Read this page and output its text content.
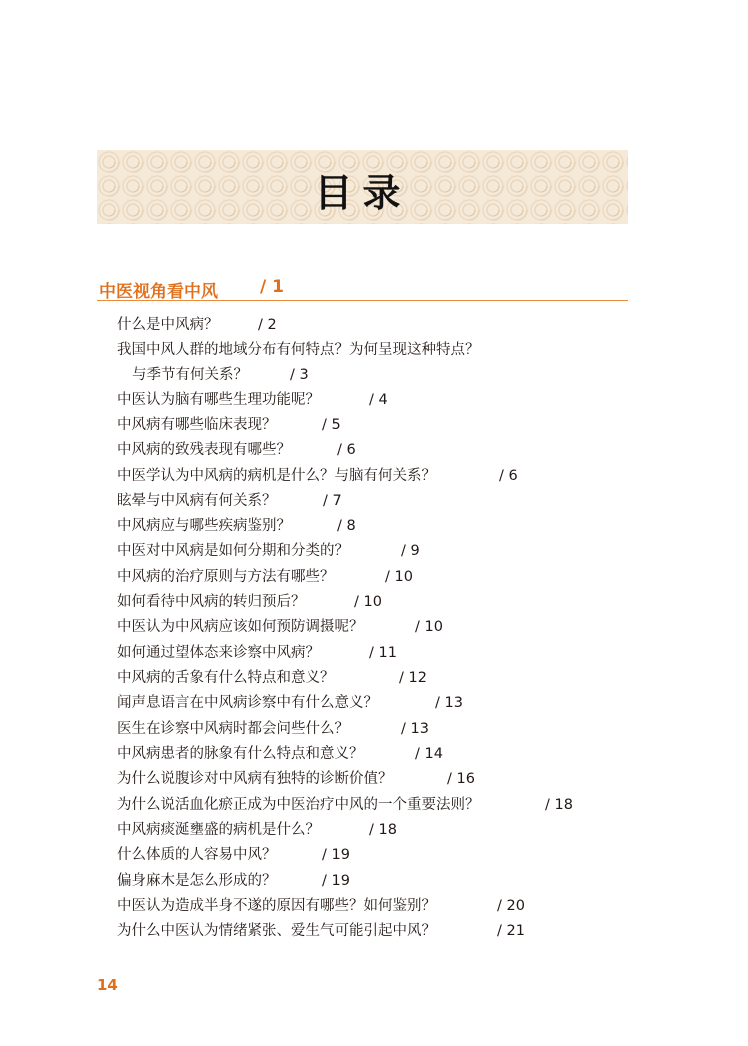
目录
中医视角看中风 / 1
什么是中风病？	/ 2
我国中风人群的地域分布有何特点？为何呈现这种特点？
与季节有何关系？	/ 3
中医认为脑有哪些生理功能呢？	/ 4
中风病有哪些临床表现？	/ 5
中风病的致残表现有哪些？	/ 6
中医学认为中风病的病机是什么？与脑有何关系？	/ 6
眩晕与中风病有何关系？	/ 7
中风病应与哪些疾病鉴别？	/ 8
中医对中风病是如何分期和分类的？	/ 9
中风病的治疗原则与方法有哪些？	/ 10
如何看待中风病的转归预后？	/ 10
中医认为中风病应该如何预防调摄呢？	/ 10
如何通过望体态来诊察中风病？	/ 11
中风病的舌象有什么特点和意义？	/ 12
闻声息语言在中风病诊察中有什么意义？	/ 13
医生在诊察中风病时都会问些什么？	/ 13
中风病患者的脉象有什么特点和意义？	/ 14
为什么说腹诊对中风病有独特的诊断价值？	/ 16
为什么说活血化瘀正成为中医治疗中风的一个重要法则？	/ 18
中风病痰涎壅盛的病机是什么？	/ 18
什么体质的人容易中风？	/ 19
偏身麻木是怎么形成的？	/ 19
中医认为造成半身不遂的原因有哪些？如何鉴别？	/ 20
为什么中医认为情绪紧张、爱生气可能引起中风？	/ 21
14
